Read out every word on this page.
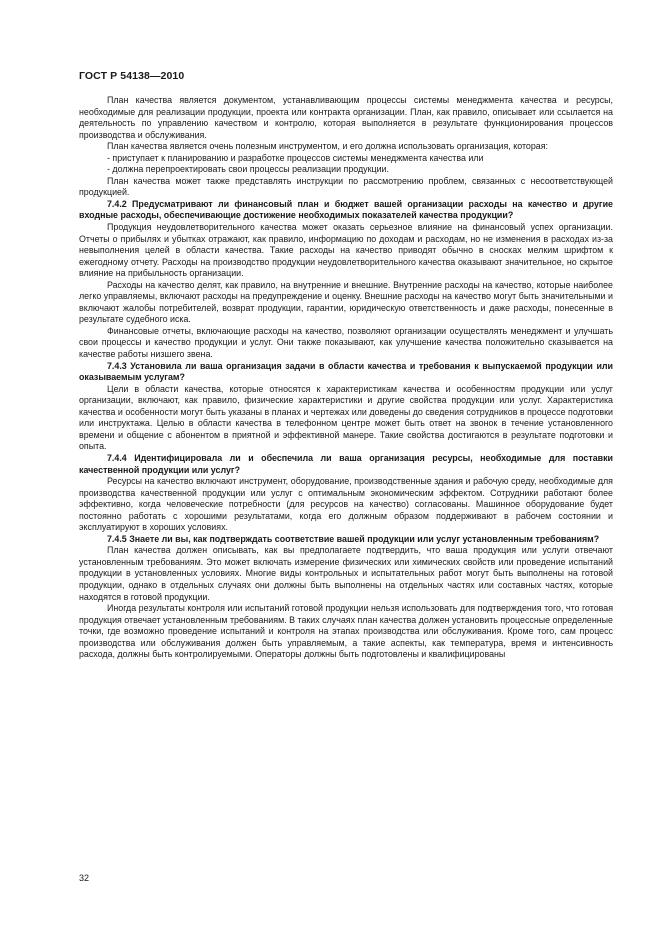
ГОСТ Р 54138—2010

План качества является документом, устанавливающим процессы системы менеджмента качества и ресурсы, необходимые для реализации продукции, проекта или контракта организации. План, как правило, описывает или ссылается на деятельность по управлению качеством и контролю, которая выполняется в результате функционирования процессов производства и обслуживания.

План качества является очень полезным инструментом, и его должна использовать организация, которая:

- приступает к планированию и разработке процессов системы менеджмента качества или

- должна перепроектировать свои процессы реализации продукции.

План качества может также представлять инструкции по рассмотрению проблем, связанных с несоответствующей продукцией.

7.4.2 Предусматривают ли финансовый план и бюджет вашей организации расходы на качество и другие входные расходы, обеспечивающие достижение необходимых показателей качества продукции?

Продукция неудовлетворительного качества может оказать серьезное влияние на финансовый успех организации. Отчеты о прибылях и убытках отражают, как правило, информацию по доходам и расходам, но не изменения в расходах из-за невыполнения целей в области качества. Такие расходы на качество приводят обычно в сносках мелким шрифтом к ежегодному отчету. Расходы на производство продукции неудовлетворительного качества оказывают значительное, но скрытое влияние на прибыльность организации.

Расходы на качество делят, как правило, на внутренние и внешние. Внутренние расходы на качество, которые наиболее легко управляемы, включают расходы на предупреждение и оценку. Внешние расходы на качество могут быть значительными и включают жалобы потребителей, возврат продукции, гарантии, юридическую ответственность и даже расходы, понесенные в результате судебного иска.

Финансовые отчеты, включающие расходы на качество, позволяют организации осуществлять менеджмент и улучшать свои процессы и качество продукции и услуг. Они также показывают, как улучшение качества положительно сказывается на качестве работы низшего звена.

7.4.3 Установила ли ваша организация задачи в области качества и требования к выпускаемой продукции или оказываемым услугам?

Цели в области качества, которые относятся к характеристикам качества и особенностям продукции или услуг организации, включают, как правило, физические характеристики и другие свойства продукции или услуг. Характеристика качества и особенности могут быть указаны в планах и чертежах или доведены до сведения сотрудников в процессе подготовки или инструктажа. Целью в области качества в телефонном центре может быть ответ на звонок в течение установленного времени и общение с абонентом в приятной и эффективной манере. Такие свойства достигаются в результате подготовки и опыта.

7.4.4 Идентифицировала ли и обеспечила ли ваша организация ресурсы, необходимые для поставки качественной продукции или услуг?

Ресурсы на качество включают инструмент, оборудование, производственные здания и рабочую среду, необходимые для производства качественной продукции или услуг с оптимальным экономическим эффектом. Сотрудники работают более эффективно, когда человеческие потребности (для ресурсов на качество) согласованы. Машинное оборудование будет постоянно работать с хорошими результатами, когда его должным образом поддерживают в рабочем состоянии и эксплуатируют в хороших условиях.

7.4.5 Знаете ли вы, как подтверждать соответствие вашей продукции или услуг установленным требованиям?

План качества должен описывать, как вы предполагаете подтвердить, что ваша продукция или услуги отвечают установленным требованиям. Это может включать измерение физических или химических свойств или проведение испытаний продукции в установленных условиях. Многие виды контрольных и испытательных работ могут быть выполнены на готовой продукции, однако в отдельных случаях они должны быть выполнены на отдельных частях или составных частях, которые находятся в готовой продукции.

Иногда результаты контроля или испытаний готовой продукции нельзя использовать для подтверждения того, что готовая продукция отвечает установленным требованиям. В таких случаях план качества должен установить процессные определенные точки, где возможно проведение испытаний и контроля на этапах производства или обслуживания. Кроме того, сам процесс производства или обслуживания должен быть управляемым, а такие аспекты, как температура, время и интенсивность расхода, должны быть контролируемыми. Операторы должны быть подготовлены и квалифицированы

32
